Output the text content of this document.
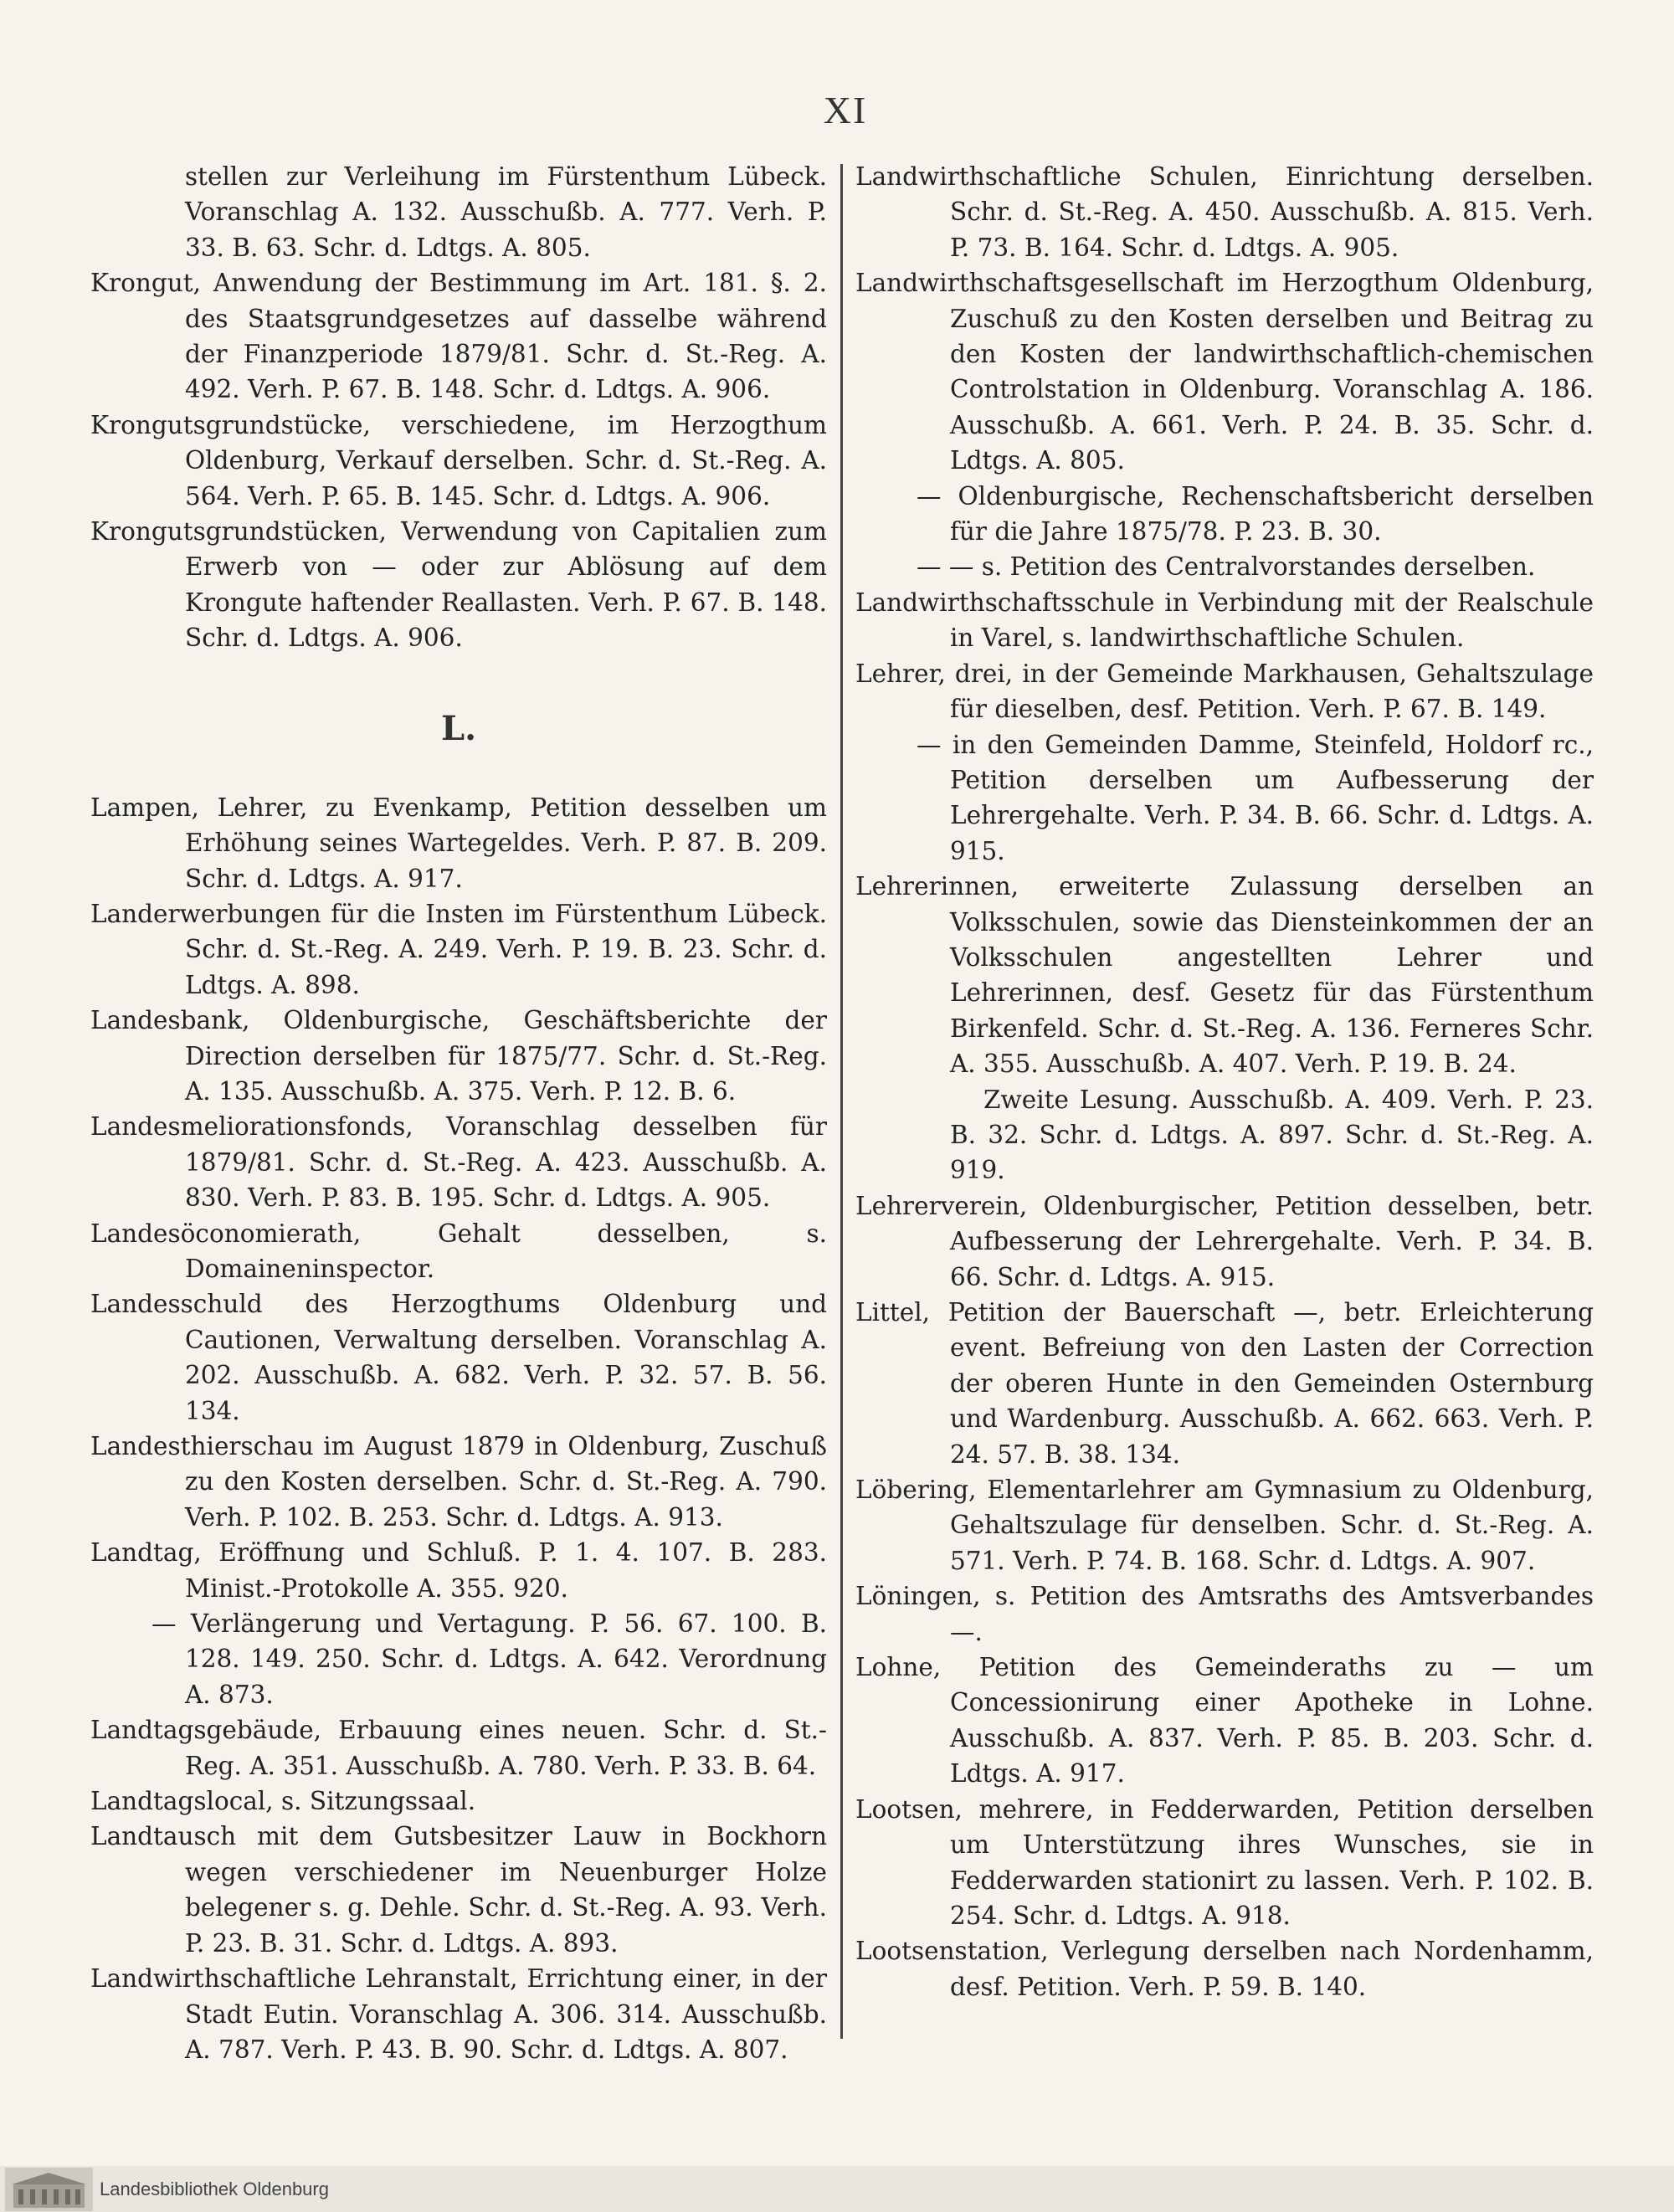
XI

stellen zur Verleihung im Fürstenthum Lübeck. Voranschlag A. 132. Ausschußb. A. 777. Verh. P. 33. B. 63. Schr. d. Ldtgs. A. 805.

Krongut, Anwendung der Bestimmung im Art. 181. §. 2. des Staatsgrundgesetzes auf dasselbe während der Finanzperiode 1879/81. Schr. d. St.-Reg. A. 492. Verh. P. 67. B. 148. Schr. d. Ldtgs. A. 906.

Krongutsgrundstücke, verschiedene, im Herzogthum Oldenburg, Verkauf derselben. Schr. d. St.-Reg. A. 564. Verh. P. 65. B. 145. Schr. d. Ldtgs. A. 906.

Krongutsgrundstücken, Verwendung von Capitalien zum Erwerb von — oder zur Ablösung auf dem Krongute haftender Reallasten. Verh. P. 67. B. 148. Schr. d. Ldtgs. A. 906.

L.

Lampen, Lehrer, zu Evenkamp, Petition desselben um Erhöhung seines Wartegeldes. Verh. P. 87. B. 209. Schr. d. Ldtgs. A. 917.

Landerwerbungen für die Insten im Fürstenthum Lübeck. Schr. d. St.-Reg. A. 249. Verh. P. 19. B. 23. Schr. d. Ldtgs. A. 898.

Landesbank, Oldenburgische, Geschäftsberichte der Direction derselben für 1875/77. Schr. d. St.-Reg. A. 135. Ausschußb. A. 375. Verh. P. 12. B. 6.

Landesmeliorationsfonds, Voranschlag desselben für 1879/81. Schr. d. St.-Reg. A. 423. Ausschußb. A. 830. Verh. P. 83. B. 195. Schr. d. Ldtgs. A. 905.

Landesöconomierath, Gehalt desselben, s. Domaineninspector.

Landesschuld des Herzogthums Oldenburg und Cautionen, Verwaltung derselben. Voranschlag A. 202. Ausschußb. A. 682. Verh. P. 32. 57. B. 56. 134.

Landesthierschau im August 1879 in Oldenburg, Zuschuß zu den Kosten derselben. Schr. d. St.-Reg. A. 790. Verh. P. 102. B. 253. Schr. d. Ldtgs. A. 913.

Landtag, Eröffnung und Schluß. P. 1. 4. 107. B. 283. Minist.-Protokolle A. 355. 920.

— Verlängerung und Vertagung. P. 56. 67. 100. B. 128. 149. 250. Schr. d. Ldtgs. A. 642. Verordnung A. 873.

Landtagsgebäude, Erbauung eines neuen. Schr. d. St.-Reg. A. 351. Ausschußb. A. 780. Verh. P. 33. B. 64.

Landtagslocal, s. Sitzungssaal.

Landtausch mit dem Gutsbesitzer Lauw in Bockhorn wegen verschiedener im Neuenburger Holze belegener s. g. Dehle. Schr. d. St.-Reg. A. 93. Verh. P. 23. B. 31. Schr. d. Ldtgs. A. 893.

Landwirthschaftliche Lehranstalt, Errichtung einer, in der Stadt Eutin. Voranschlag A. 306. 314. Ausschußb. A. 787. Verh. P. 43. B. 90. Schr. d. Ldtgs. A. 807.

Landwirthschaftliche Schulen, Einrichtung derselben. Schr. d. St.-Reg. A. 450. Ausschußb. A. 815. Verh. P. 73. B. 164. Schr. d. Ldtgs. A. 905.

Landwirthschaftsgesellschaft im Herzogthum Oldenburg, Zuschuß zu den Kosten derselben und Beitrag zu den Kosten der landwirthschaftlich-chemischen Controlstation in Oldenburg. Voranschlag A. 186. Ausschußb. A. 661. Verh. P. 24. B. 35. Schr. d. Ldtgs. A. 805.

— Oldenburgische, Rechenschaftsbericht derselben für die Jahre 1875/78. P. 23. B. 30.

— — s. Petition des Centralvorstandes derselben.

Landwirthschaftsschule in Verbindung mit der Realschule in Varel, s. landwirthschaftliche Schulen.

Lehrer, drei, in der Gemeinde Markhausen, Gehaltszulage für dieselben, desf. Petition. Verh. P. 67. B. 149.

— in den Gemeinden Damme, Steinfeld, Holdorf rc., Petition derselben um Aufbesserung der Lehrergehalte. Verh. P. 34. B. 66. Schr. d. Ldtgs. A. 915.

Lehrerinnen, erweiterte Zulassung derselben an Volksschulen, sowie das Diensteinkommen der an Volksschulen angestellten Lehrer und Lehrerinnen, desf. Gesetz für das Fürstenthum Birkenfeld. Schr. d. St.-Reg. A. 136. Ferneres Schr. A. 355. Ausschußb. A. 407. Verh. P. 19. B. 24.

Zweite Lesung. Ausschußb. A. 409. Verh. P. 23. B. 32. Schr. d. Ldtgs. A. 897. Schr. d. St.-Reg. A. 919.

Lehrerverein, Oldenburgischer, Petition desselben, betr. Aufbesserung der Lehrergehalte. Verh. P. 34. B. 66. Schr. d. Ldtgs. A. 915.

Littel, Petition der Bauerschaft —, betr. Erleichterung event. Befreiung von den Lasten der Correction der oberen Hunte in den Gemeinden Osternburg und Wardenburg. Ausschußb. A. 662. 663. Verh. P. 24. 57. B. 38. 134.

Löbering, Elementarlehrer am Gymnasium zu Oldenburg, Gehaltszulage für denselben. Schr. d. St.-Reg. A. 571. Verh. P. 74. B. 168. Schr. d. Ldtgs. A. 907.

Löningen, s. Petition des Amtsraths des Amtsverbandes —.

Lohne, Petition des Gemeinderaths zu — um Concessionirung einer Apotheke in Lohne. Ausschußb. A. 837. Verh. P. 85. B. 203. Schr. d. Ldtgs. A. 917.

Lootsen, mehrere, in Fedderwarden, Petition derselben um Unterstützung ihres Wunsches, sie in Fedderwarden stationirt zu lassen. Verh. P. 102. B. 254. Schr. d. Ldtgs. A. 918.

Lootsenstation, Verlegung derselben nach Nordenhamm, desf. Petition. Verh. P. 59. B. 140.

Landesbibliothek Oldenburg
